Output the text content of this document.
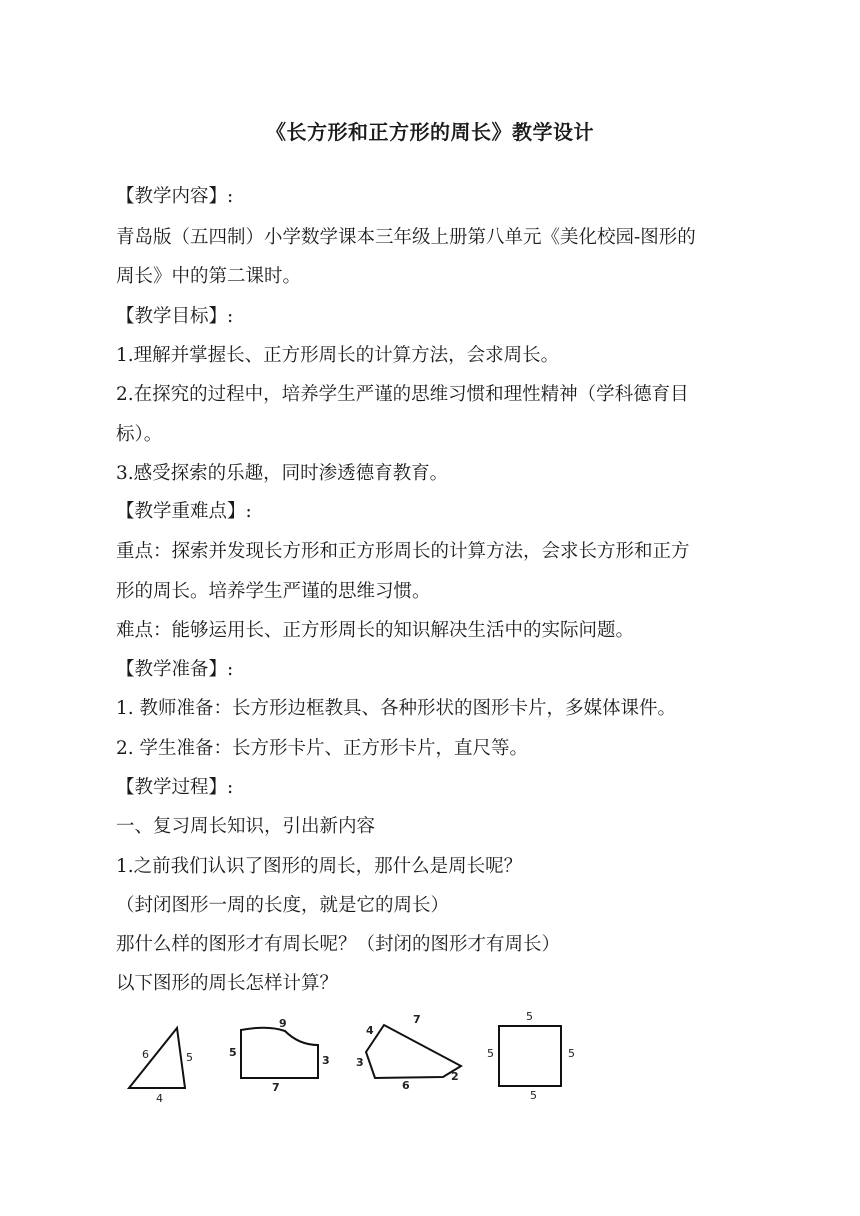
《长方形和正方形的周长》教学设计
【教学内容】:
青岛版（五四制）小学数学课本三年级上册第八单元《美化校园-图形的
周长》中的第二课时。
【教学目标】:
1.理解并掌握长、正方形周长的计算方法，会求周长。
2.在探究的过程中，培养学生严谨的思维习惯和理性精神（学科德育目
标）。
3.感受探索的乐趣，同时渗透德育教育。
【教学重难点】:
重点：探索并发现长方形和正方形周长的计算方法，会求长方形和正方
形的周长。培养学生严谨的思维习惯。
难点：能够运用长、正方形周长的知识解决生活中的实际问题。
【教学准备】:
1. 教师准备：长方形边框教具、各种形状的图形卡片，多媒体课件。
2. 学生准备：长方形卡片、正方形卡片，直尺等。
【教学过程】:
一、复习周长知识，引出新内容
1.之前我们认识了图形的周长，那什么是周长呢？
（封闭图形一周的长度，就是它的周长）
那什么样的图形才有周长呢？（封闭的图形才有周长）
以下图形的周长怎样计算？
6	5
4
9
5
3
7
4
7
3
6
2
5
5	5
5
